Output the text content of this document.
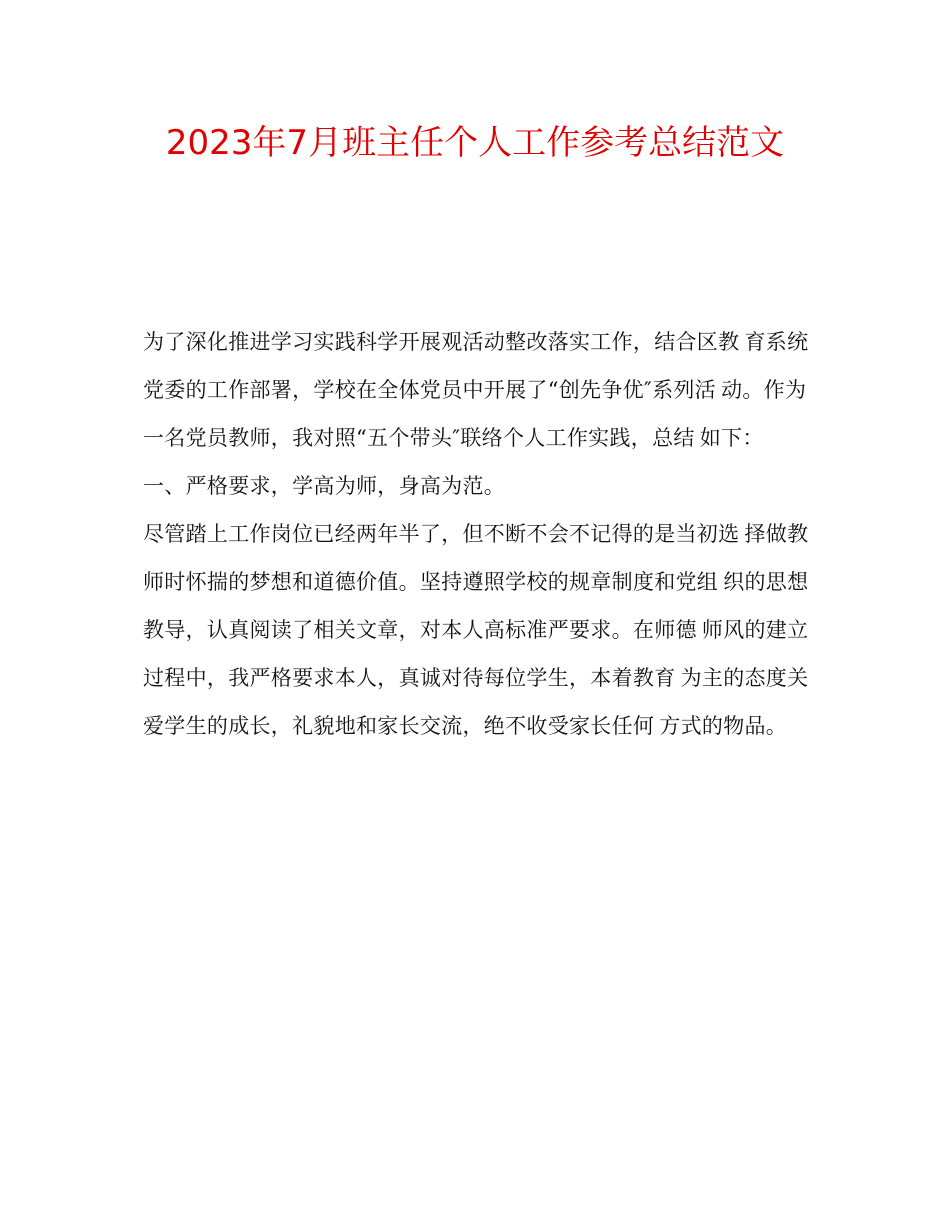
2023年7月班主任个人工作参考总结范文
为了深化推进学习实践科学开展观活动整改落实工作，结合区教 育系统党委的工作部署，学校在全体党员中开展了“创先争优″系列活 动。作为一名党员教师，我对照“五个带头″联络个人工作实践，总结 如下：
一、严格要求，学高为师，身高为范。
尽管踏上工作岗位已经两年半了，但不断不会不记得的是当初选 择做教师时怀揣的梦想和道德价值。坚持遵照学校的规章制度和党组 织的思想教导，认真阅读了相关文章，对本人高标准严要求。在师德 师风的建立过程中，我严格要求本人，真诚对待每位学生，本着教育 为主的态度关爱学生的成长，礼貌地和家长交流，绝不收受家长任何 方式的物品。
